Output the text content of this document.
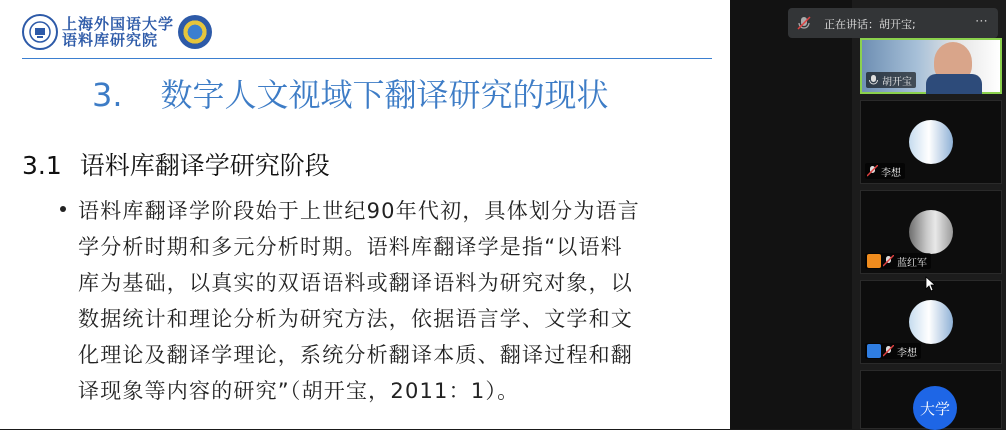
上海外国语大学
语料库研究院
3. 数字人文视域下翻译研究的现状
3.1 语料库翻译学研究阶段
语料库翻译学阶段始于上世纪90年代初，具体划分为语言
学分析时期和多元分析时期。语料库翻译学是指“以语料
库为基础，以真实的双语语料或翻译语料为研究对象，以
数据统计和理论分析为研究方法，依据语言学、文学和文
化理论及翻译学理论，系统分析翻译本质、翻译过程和翻
译现象等内容的研究”（胡开宝，2011：1）。
正在讲话：胡开宝;	⋯
胡开宝
李想
蓝红军
李想
大学
